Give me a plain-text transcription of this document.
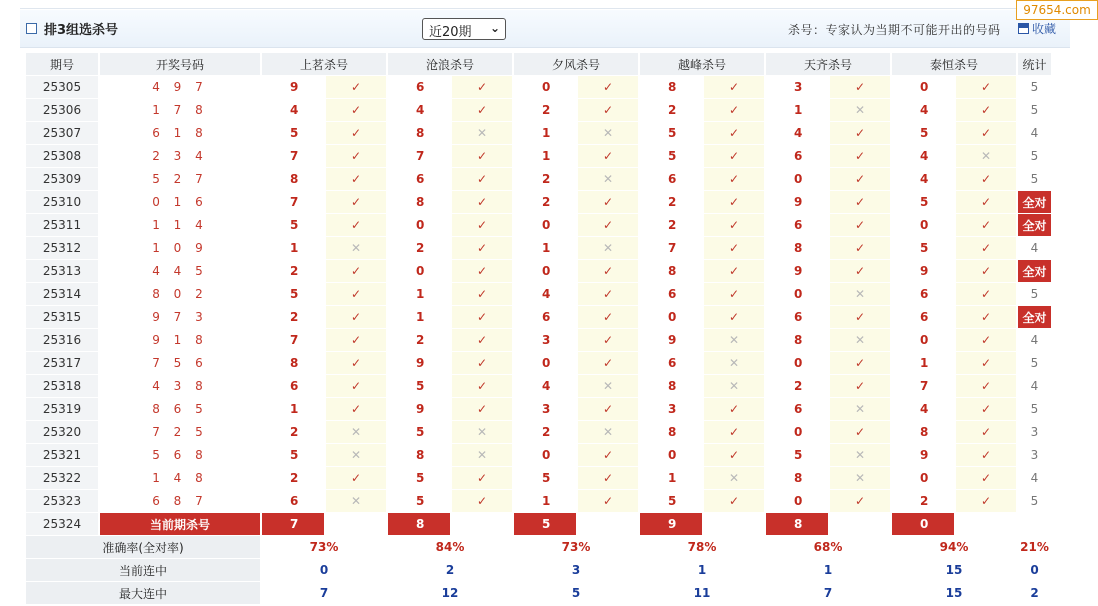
排3组选杀号	近20期 ⌄	杀号：专家认为当期不可能开出的号码	收藏
97654.com
期号	开奖号码	上茗杀号		沧浪杀号		夕风杀号		越峰杀号		天齐杀号		泰恒杀号		统计
25305	4 9 7	9	✓	6	✓	0	✓	8	✓	3	✓	0	✓	5
25306	1 7 8	4	✓	4	✓	2	✓	2	✓	1	✕	4	✓	5
25307	6 1 8	5	✓	8	✕	1	✕	5	✓	4	✓	5	✓	4
25308	2 3 4	7	✓	7	✓	1	✓	5	✓	6	✓	4	✕	5
25309	5 2 7	8	✓	6	✓	2	✕	6	✓	0	✓	4	✓	5
25310	0 1 6	7	✓	8	✓	2	✓	2	✓	9	✓	5	✓	全对
25311	1 1 4	5	✓	0	✓	0	✓	2	✓	6	✓	0	✓	全对
25312	1 0 9	1	✕	2	✓	1	✕	7	✓	8	✓	5	✓	4
25313	4 4 5	2	✓	0	✓	0	✓	8	✓	9	✓	9	✓	全对
25314	8 0 2	5	✓	1	✓	4	✓	6	✓	0	✕	6	✓	5
25315	9 7 3	2	✓	1	✓	6	✓	0	✓	6	✓	6	✓	全对
25316	9 1 8	7	✓	2	✓	3	✓	9	✕	8	✕	0	✓	4
25317	7 5 6	8	✓	9	✓	0	✓	6	✕	0	✓	1	✓	5
25318	4 3 8	6	✓	5	✓	4	✕	8	✕	2	✓	7	✓	4
25319	8 6 5	1	✓	9	✓	3	✓	3	✓	6	✕	4	✓	5
25320	7 2 5	2	✕	5	✕	2	✕	8	✓	0	✓	8	✓	3
25321	5 6 8	5	✕	8	✕	0	✓	0	✓	5	✕	9	✓	3
25322	1 4 8	2	✓	5	✓	5	✓	1	✕	8	✕	0	✓	4
25323	6 8 7	6	✕	5	✓	1	✓	5	✓	0	✓	2	✓	5
25324	当前期杀号	7		8		5		9		8		0		
准确率(全对率)		73%		84%		73%		78%		68%		94%		21%
当前连中		0		2		3		1		1		15		0
最大连中		7		12		5		11		7		15		2
